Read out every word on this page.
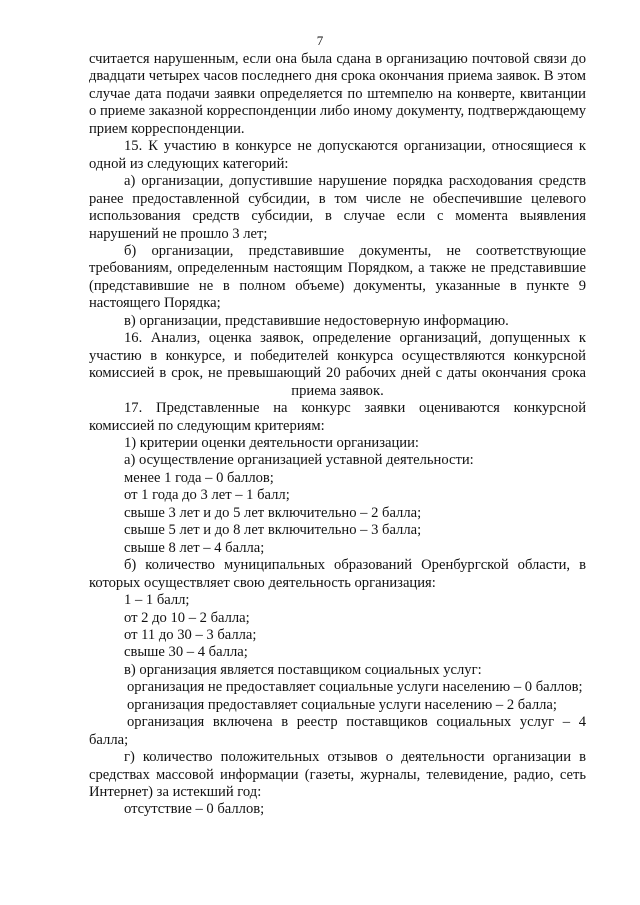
7

считается нарушенным, если она была сдана в организацию почтовой связи до двадцати четырех часов последнего дня срока окончания приема заявок. В этом случае дата подачи заявки определяется по штемпелю на конверте, квитанции о приеме заказной корреспонденции либо иному документу, подтверждающему прием корреспонденции.

15. К участию в конкурсе не допускаются организации, относящиеся к одной из следующих категорий:

а) организации, допустившие нарушение порядка расходования средств ранее предоставленной субсидии, в том числе не обеспечившие целевого использования средств субсидии, в случае если с момента выявления нарушений не прошло 3 лет;

б) организации, представившие документы, не соответствующие требованиям, определенным настоящим Порядком, а также не представившие (представившие не в полном объеме) документы, указанные в пункте 9 настоящего Порядка;

в) организации, представившие недостоверную информацию.

16. Анализ, оценка заявок, определение организаций, допущенных к участию в конкурсе, и победителей конкурса осуществляются конкурсной комиссией в срок, не превышающий 20 рабочих дней с даты окончания срока приема заявок.

17. Представленные на конкурс заявки оцениваются конкурсной комиссией по следующим критериям:

1) критерии оценки деятельности организации:

а) осуществление организацией уставной деятельности:

менее 1 года – 0 баллов;

от 1 года до 3 лет – 1 балл;

свыше 3 лет и до 5 лет включительно – 2 балла;

свыше 5 лет и до 8 лет включительно – 3 балла;

свыше 8 лет – 4 балла;

б) количество муниципальных образований Оренбургской области, в которых осуществляет свою деятельность организация:

1 – 1 балл;

от 2 до 10 – 2 балла;

от 11 до 30 – 3 балла;

свыше 30 – 4 балла;

в) организация является поставщиком социальных услуг:

организация не предоставляет социальные услуги населению – 0 баллов;

организация предоставляет социальные услуги населению – 2 балла;

организация включена в реестр поставщиков социальных услуг – 4 балла;

г) количество положительных отзывов о деятельности организации в средствах массовой информации (газеты, журналы, телевидение, радио, сеть Интернет) за истекший год:

отсутствие – 0 баллов;
